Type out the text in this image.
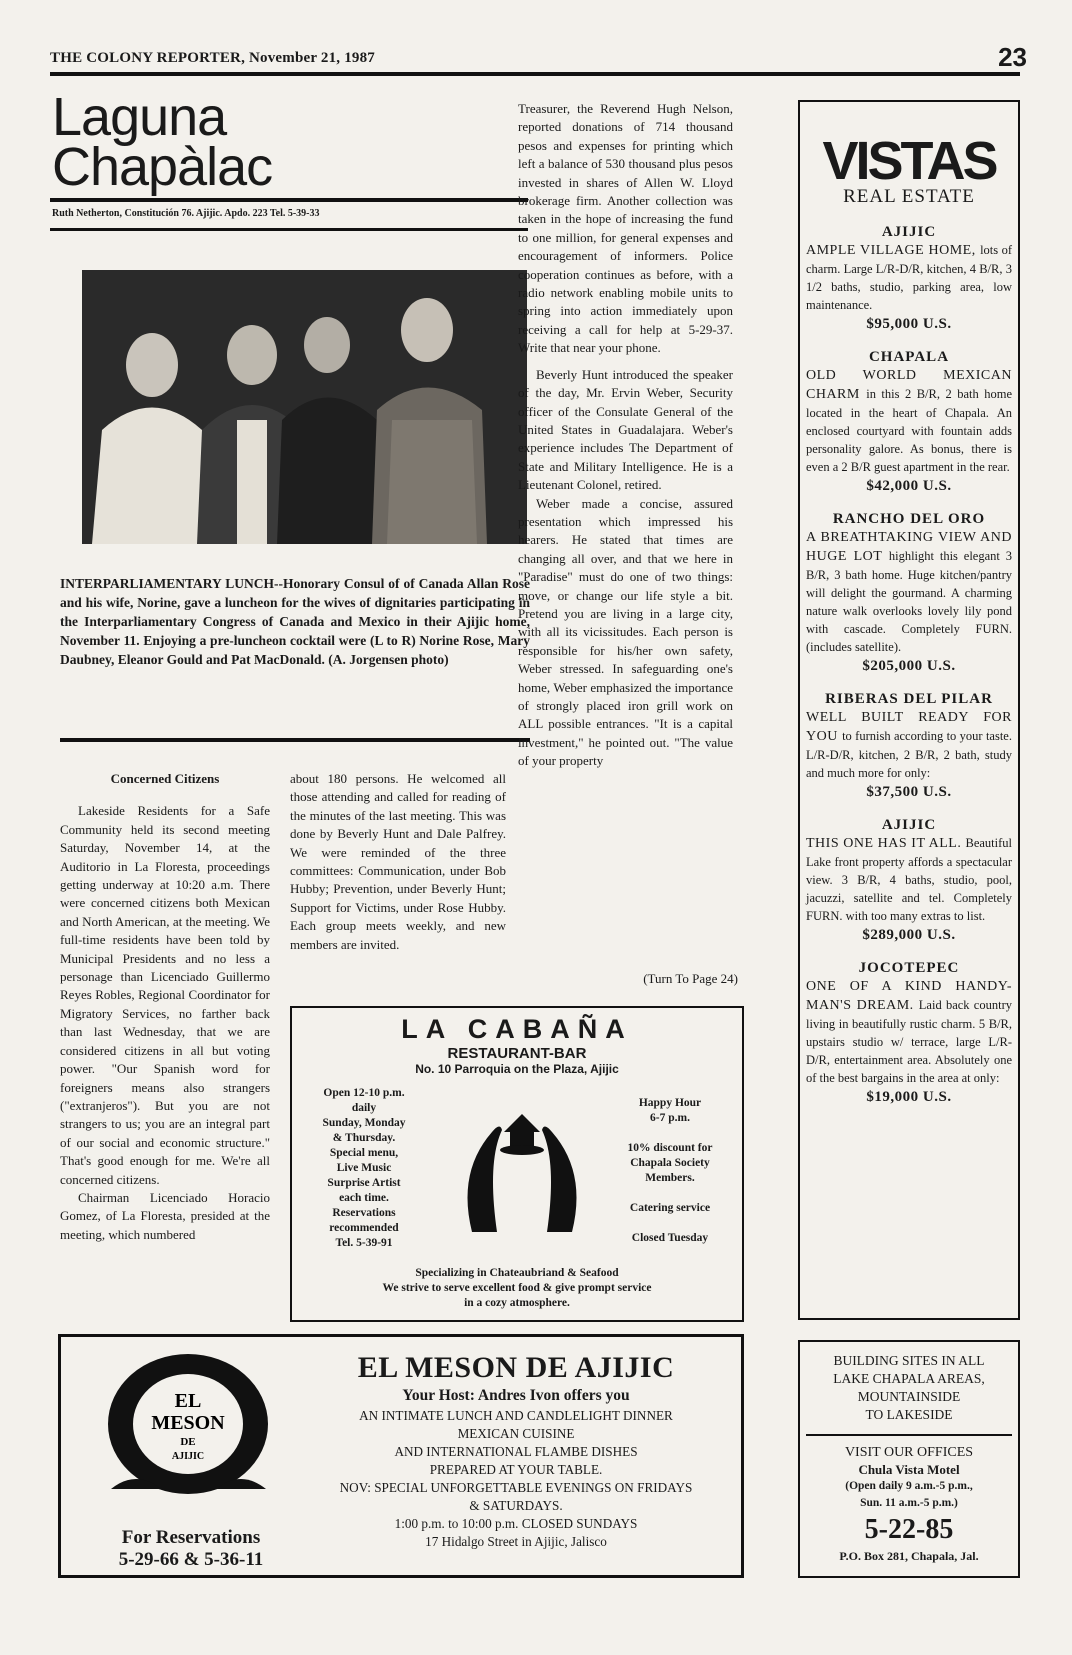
THE COLONY REPORTER, November 21, 1987	23
Laguna
Chapàlac
Ruth Netherton, Constitución 76. Ajijic. Apdo. 223 Tel. 5-39-33
INTERPARLIAMENTARY LUNCH--Honorary Consul of of Canada Allan Rose and his wife, Norine, gave a luncheon for the wives of dignitaries participating in the Interparliamentary Congress of Canada and Mexico in their Ajijic home, November 11. Enjoying a pre-luncheon cocktail were (L to R) Norine Rose, Mary Daubney, Eleanor Gould and Pat MacDonald. (A. Jorgensen photo)

Concerned Citizens

Lakeside Residents for a Safe Community held its second meeting Saturday, November 14, at the Auditorio in La Floresta, proceedings getting underway at 10:20 a.m. There were concerned citizens both Mexican and North American, at the meeting. We full-time residents have been told by Municipal Presidents and no less a personage than Licenciado Guillermo Reyes Robles, Regional Coordinator for Migratory Services, no farther back than last Wednesday, that we are considered citizens in all but voting power. "Our Spanish word for foreigners means also strangers ("extranjeros"). But you are not strangers to us; you are an integral part of our social and economic structure." That's good enough for me. We're all concerned citizens.

Chairman Licenciado Horacio Gomez, of La Floresta, presided at the meeting, which numbered

about 180 persons. He welcomed all those attending and called for reading of the minutes of the last meeting. This was done by Beverly Hunt and Dale Palfrey. We were reminded of the three committees: Communication, under Bob Hubby; Prevention, under Beverly Hunt; Support for Victims, under Rose Hubby. Each group meets weekly, and new members are invited.

Treasurer, the Reverend Hugh Nelson, reported donations of 714 thousand pesos and expenses for printing which left a balance of 530 thousand plus pesos invested in shares of Allen W. Lloyd brokerage firm. Another collection was taken in the hope of increasing the fund to one million, for general expenses and encouragement of informers. Police cooperation continues as before, with a radio network enabling mobile units to spring into action immediately upon receiving a call for help at 5-29-37. Write that near your phone.

Beverly Hunt introduced the speaker of the day, Mr. Ervin Weber, Security officer of the Consulate General of the United States in Guadalajara. Weber's experience includes The Department of State and Military Intelligence. He is a Lieutenant Colonel, retired.

Weber made a concise, assured presentation which impressed his hearers. He stated that times are changing all over, and that we here in "Paradise" must do one of two things: move, or change our life style a bit. Pretend you are living in a large city, with all its vicissitudes. Each person is responsible for his/her own safety, Weber stressed. In safeguarding one's home, Weber emphasized the importance of strongly placed iron grill work on ALL possible entrances. "It is a capital investment," he pointed out. "The value of your property

(Turn To Page 24)
LA CABAÑA
RESTAURANT-BAR
No. 10 Parroquia on the Plaza, Ajijic
Open 12-10 p.m.
daily
Sunday, Monday
& Thursday.
Special menu,
Live Music
Surprise Artist
each time.
Reservations
recommended
Tel. 5-39-91
Happy Hour
6-7 p.m.

10% discount for
Chapala Society
Members.

Catering service

Closed Tuesday
Specializing in Chateaubriand & Seafood
We strive to serve excellent food & give prompt service
in a cozy atmosphere.
EL
MESON
DE
AJIJIC
For Reservations
5-29-66 & 5-36-11
EL MESON DE AJIJIC
Your Host: Andres Ivon offers you
AN INTIMATE LUNCH AND CANDLELIGHT DINNER
MEXICAN CUISINE
AND INTERNATIONAL FLAMBE DISHES
PREPARED AT YOUR TABLE.
NOV: SPECIAL UNFORGETTABLE EVENINGS ON FRIDAYS
& SATURDAYS.
1:00 p.m. to 10:00 p.m. CLOSED SUNDAYS
17 Hidalgo Street in Ajijic, Jalisco
VISTAS
REAL ESTATE
AJIJIC
AMPLE VILLAGE HOME, lots of charm. Large L/R-D/R, kitchen, 4 B/R, 3 1/2 baths, studio, parking area, low maintenance.
$95,000 U.S.
CHAPALA
OLD WORLD MEXICAN CHARM in this 2 B/R, 2 bath home located in the heart of Chapala. An enclosed courtyard with fountain adds personality galore. As bonus, there is even a 2 B/R guest apartment in the rear.
$42,000 U.S.
RANCHO DEL ORO
A BREATHTAKING VIEW AND HUGE LOT highlight this elegant 3 B/R, 3 bath home. Huge kitchen/pantry will delight the gourmand. A charming nature walk overlooks lovely lily pond with cascade. Completely FURN. (includes satellite).
$205,000 U.S.
RIBERAS DEL PILAR
WELL BUILT READY FOR YOU to furnish according to your taste. L/R-D/R, kitchen, 2 B/R, 2 bath, study and much more for only:
$37,500 U.S.
AJIJIC
THIS ONE HAS IT ALL. Beautiful Lake front property affords a spectacular view. 3 B/R, 4 baths, studio, pool, jacuzzi, satellite and tel. Completely FURN. with too many extras to list.
$289,000 U.S.
JOCOTEPEC
ONE OF A KIND HANDY-MAN'S DREAM. Laid back country living in beautifully rustic charm. 5 B/R, upstairs studio w/ terrace, large L/R-D/R, entertainment area. Absolutely one of the best bargains in the area at only:
$19,000 U.S.
BUILDING SITES IN ALL
LAKE CHAPALA AREAS,
MOUNTAINSIDE
TO LAKESIDE
VISIT OUR OFFICES
Chula Vista Motel
(Open daily 9 a.m.-5 p.m.,
Sun. 11 a.m.-5 p.m.)
5-22-85
P.O. Box 281, Chapala, Jal.
